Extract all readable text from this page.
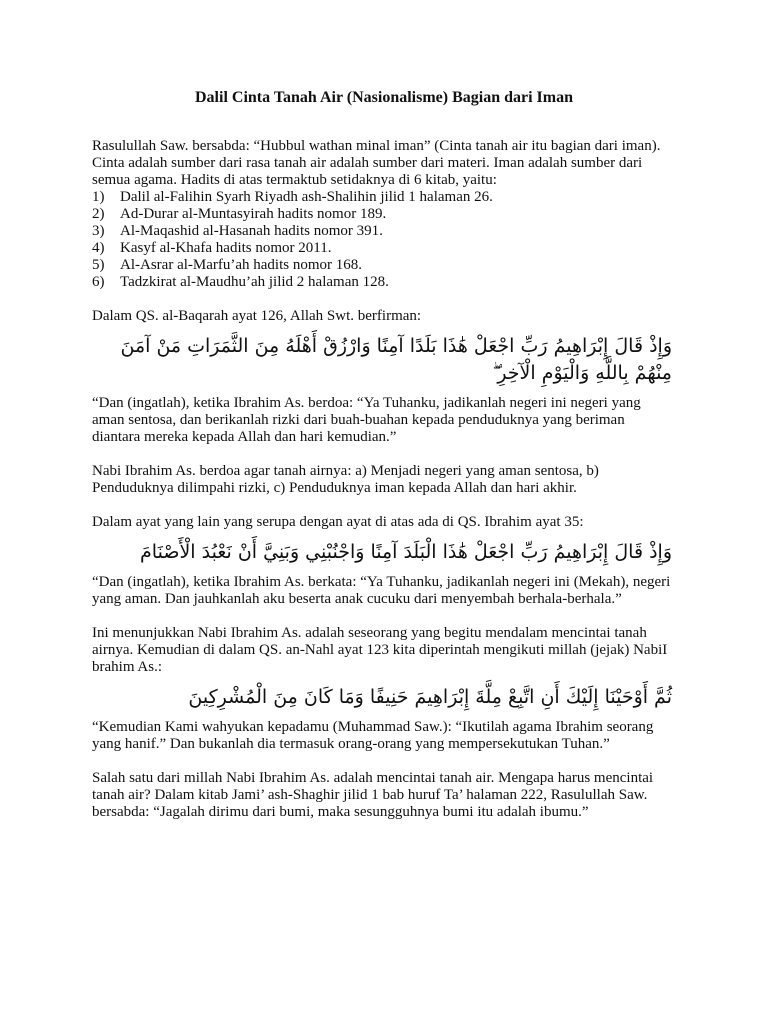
Dalil Cinta Tanah Air (Nasionalisme) Bagian dari Iman

Rasulullah Saw. bersabda: “Hubbul wathan minal iman” (Cinta tanah air itu bagian dari iman). Cinta adalah sumber dari rasa tanah air adalah sumber dari materi. Iman adalah sumber dari semua agama. Hadits di atas termaktub setidaknya di 6 kitab, yaitu:

1)	Dalil al-Falihin Syarh Riyadh ash-Shalihin jilid 1 halaman 26.
2)	Ad-Durar al-Muntasyirah hadits nomor 189.
3)	Al-Maqashid al-Hasanah hadits nomor 391.
4)	Kasyf al-Khafa hadits nomor 2011.
5)	Al-Asrar al-Marfu’ah hadits nomor 168.
6)	Tadzkirat al-Maudhu’ah jilid 2 halaman 128.

Dalam QS. al-Baqarah ayat 126, Allah Swt. berfirman:

وَإِذْ قَالَ إِبْرَاهِيمُ رَبِّ اجْعَلْ هَٰذَا بَلَدًا آمِنًا وَارْزُقْ أَهْلَهُ مِنَ الثَّمَرَاتِ مَنْ آمَنَ مِنْهُمْ بِاللَّهِ وَالْيَوْمِ الْآخِرِ ۖ

“Dan (ingatlah), ketika Ibrahim As. berdoa: “Ya Tuhanku, jadikanlah negeri ini negeri yang aman sentosa, dan berikanlah rizki dari buah-buahan kepada penduduknya yang beriman diantara mereka kepada Allah dan hari kemudian.”

Nabi Ibrahim As. berdoa agar tanah airnya: a) Menjadi negeri yang aman sentosa, b) Penduduknya dilimpahi rizki, c) Penduduknya iman kepada Allah dan hari akhir.

Dalam ayat yang lain yang serupa dengan ayat di atas ada di QS. Ibrahim ayat 35:

وَإِذْ قَالَ إِبْرَاهِيمُ رَبِّ اجْعَلْ هَٰذَا الْبَلَدَ آمِنًا وَاجْنُبْنِي وَبَنِيَّ أَنْ نَعْبُدَ الْأَصْنَامَ

“Dan (ingatlah), ketika Ibrahim As. berkata: “Ya Tuhanku, jadikanlah negeri ini (Mekah), negeri yang aman. Dan jauhkanlah aku beserta anak cucuku dari menyembah berhala-berhala.”

Ini menunjukkan Nabi Ibrahim As. adalah seseorang yang begitu mendalam mencintai tanah airnya. Kemudian di dalam QS. an-Nahl ayat 123 kita diperintah mengikuti millah (jejak) NabiI brahim As.:

ثُمَّ أَوْحَيْنَا إِلَيْكَ أَنِ اتَّبِعْ مِلَّةَ إِبْرَاهِيمَ حَنِيفًا وَمَا كَانَ مِنَ الْمُشْرِكِينَ

“Kemudian Kami wahyukan kepadamu (Muhammad Saw.): “Ikutilah agama Ibrahim seorang yang hanif.” Dan bukanlah dia termasuk orang-orang yang mempersekutukan Tuhan.”

Salah satu dari millah Nabi Ibrahim As. adalah mencintai tanah air. Mengapa harus mencintai tanah air? Dalam kitab Jami’ ash-Shaghir jilid 1 bab huruf Ta’ halaman 222, Rasulullah Saw. bersabda: “Jagalah dirimu dari bumi, maka sesungguhnya bumi itu adalah ibumu.”
